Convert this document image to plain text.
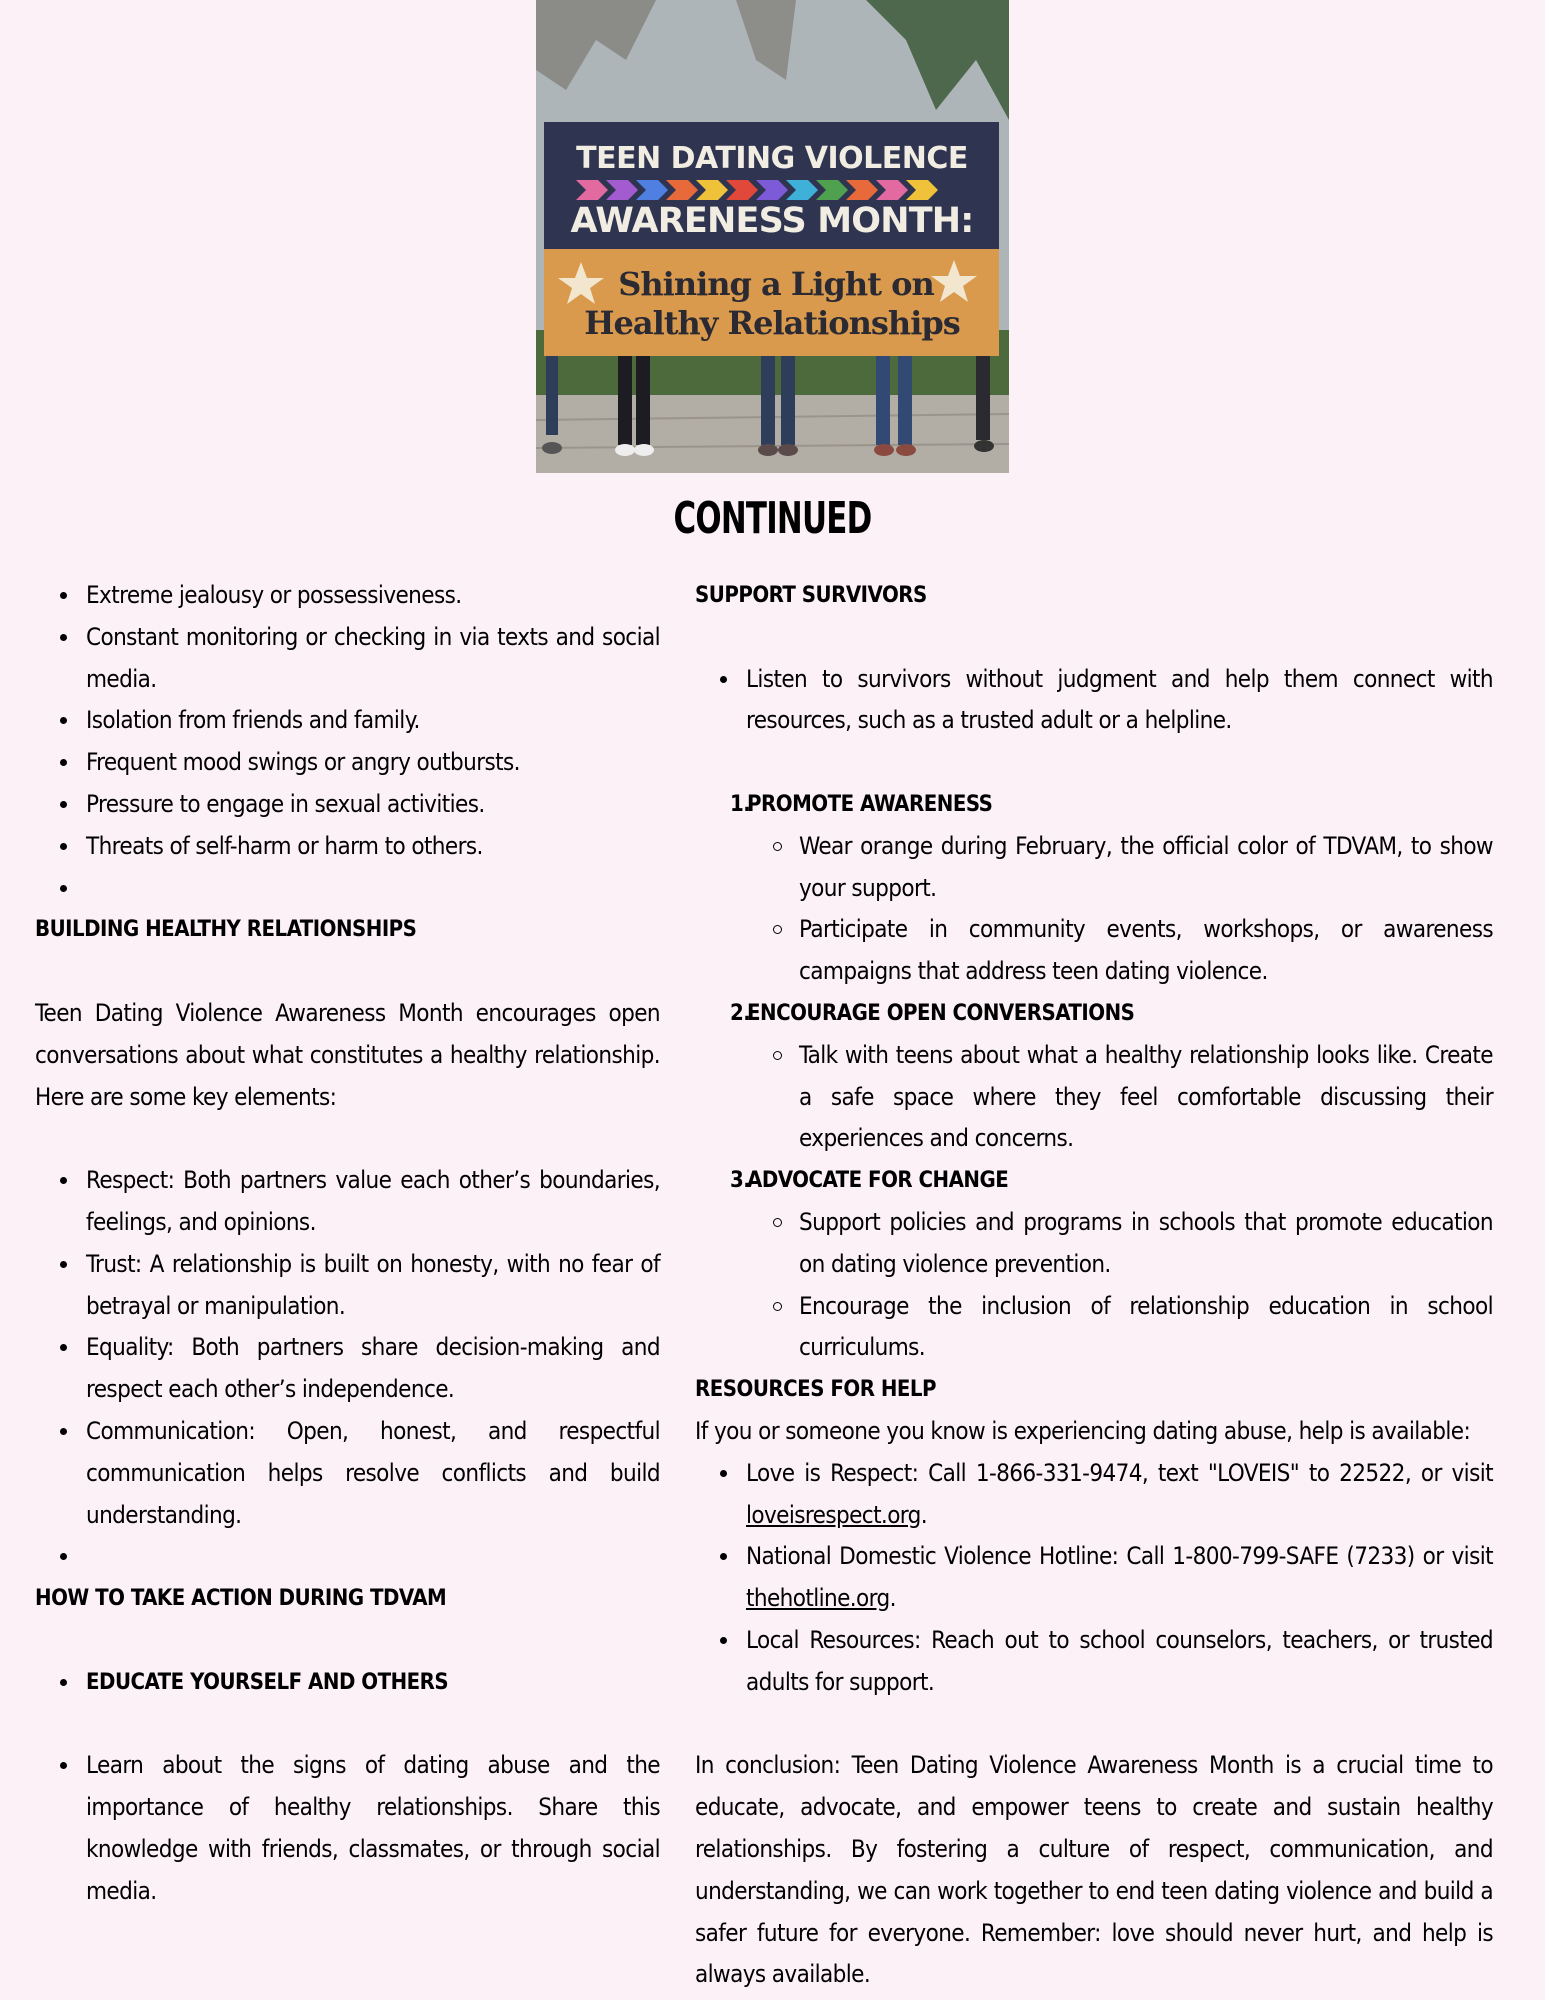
TEEN DATING VIOLENCE
AWARENESS MONTH:
Shining a Light on
Healthy Relationships
CONTINUED
Extreme jealousy or possessiveness.
Constant monitoring or checking in via texts and social media.
Isolation from friends and family.
Frequent mood swings or angry outbursts.
Pressure to engage in sexual activities.
Threats of self-harm or harm to others.
BUILDING HEALTHY RELATIONSHIPS

Teen Dating Violence Awareness Month encourages open conversations about what constitutes a healthy relationship. Here are some key elements:

Respect: Both partners value each other’s boundaries, feelings, and opinions.
Trust: A relationship is built on honesty, with no fear of betrayal or manipulation.
Equality: Both partners share decision-making and respect each other’s independence.
Communication: Open, honest, and respectful communication helps resolve conflicts and build understanding.
HOW TO TAKE ACTION DURING TDVAM
EDUCATE YOURSELF AND OTHERS
Learn about the signs of dating abuse and the importance of healthy relationships. Share this knowledge with friends, classmates, or through social media.
SUPPORT SURVIVORS
Listen to survivors without judgment and help them connect with resources, such as a trusted adult or a helpline.
1.
PROMOTE AWARENESS
Wear orange during February, the official color of TDVAM, to show your support.
Participate in community events, workshops, or awareness campaigns that address teen dating violence.
2.
ENCOURAGE OPEN CONVERSATIONS
Talk with teens about what a healthy relationship looks like. Create a safe space where they feel comfortable discussing their experiences and concerns.
3.
ADVOCATE FOR CHANGE
Support policies and programs in schools that promote education on dating violence prevention.
Encourage the inclusion of relationship education in school curriculums.
RESOURCES FOR HELP
If you or someone you know is experiencing dating abuse, help is available:
Love is Respect: Call 1-866-331-9474, text "LOVEIS" to 22522, or visit loveisrespect.org.
National Domestic Violence Hotline: Call 1-800-799-SAFE (7233) or visit thehotline.org.
Local Resources: Reach out to school counselors, teachers, or trusted adults for support.

In conclusion: Teen Dating Violence Awareness Month is a crucial time to educate, advocate, and empower teens to create and sustain healthy relationships. By fostering a culture of respect, communication, and understanding, we can work together to end teen dating violence and build a safer future for everyone. Remember: love should never hurt, and help is always available.
